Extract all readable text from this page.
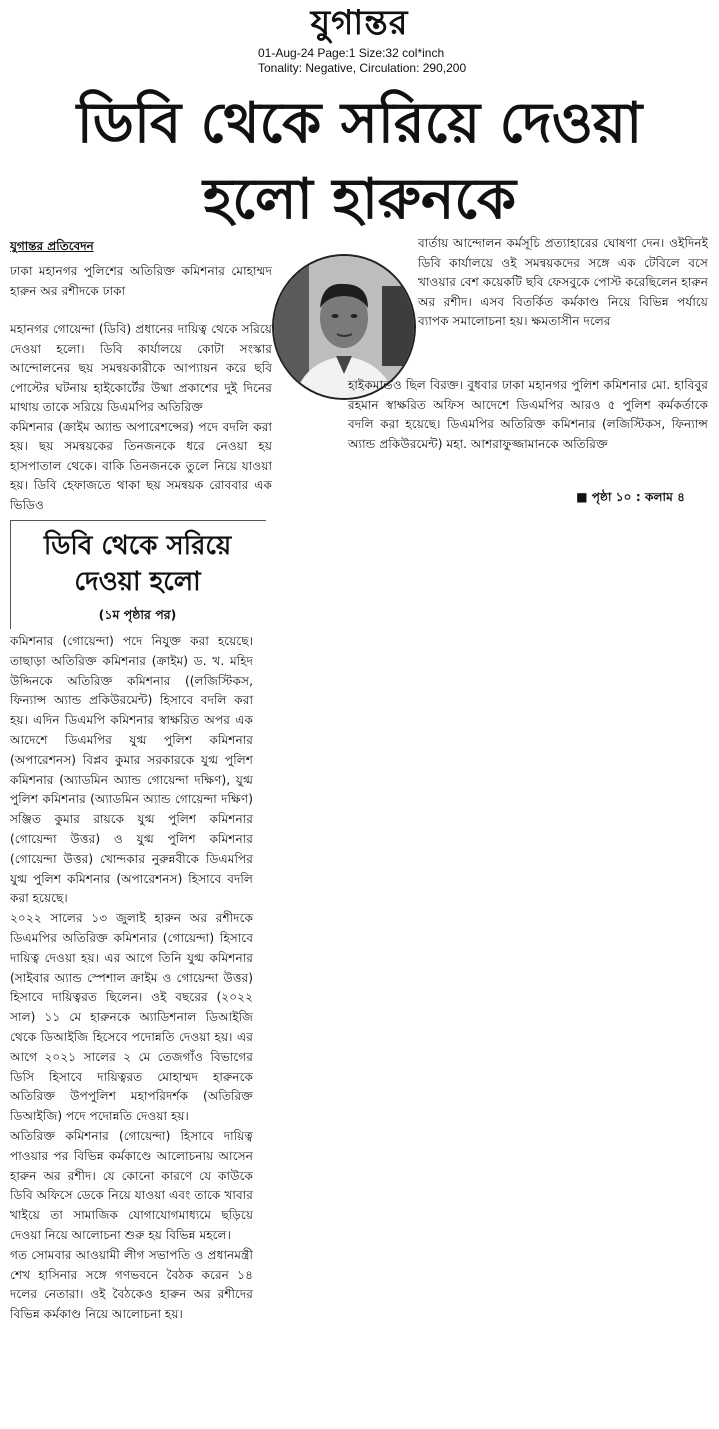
যুগান্তর
01-Aug-24 Page:1 Size:32 col*inch
Tonality: Negative, Circulation: 290,200
ডিবি থেকে সরিয়ে দেওয়া
হলো হারুনকে
যুগান্তর প্রতিবেদন

ঢাকা মহানগর পুলিশের অতিরিক্ত কমিশনার মোহাম্মদ হারুন অর রশীদকে ঢাকা

মহানগর গোয়েন্দা (ডিবি) প্রধানের দায়িত্ব থেকে সরিয়ে দেওয়া হলো। ডিবি কার্যালয়ে কোটা সংস্কার আন্দোলনের ছয় সমন্বয়কারীকে আপ্যায়ন করে ছবি পোস্টের ঘটনায় হাইকোর্টের উষ্মা প্রকাশের দুই দিনের মাথায় তাকে সরিয়ে ডিএমপির অতিরিক্ত

কমিশনার (ক্রাইম অ্যান্ড অপারেশন্সের) পদে বদলি করা হয়। ছয় সমন্বয়কের তিনজনকে ধরে নেওয়া হয় হাসপাতাল থেকে। বাকি তিনজনকে তুলে নিয়ে যাওয়া হয়। ডিবি হেফাজতে থাকা ছয় সমন্বয়ক রোববার এক ভিডিও

বার্তায় আন্দোলন কর্মসূচি প্রত্যাহারের ঘোষণা দেন। ওইদিনই ডিবি কার্যালয়ে ওই সমন্বয়কদের সঙ্গে এক টেবিলে বসে খাওয়ার বেশ কয়েকটি ছবি ফেসবুকে পোস্ট করেছিলেন হারুন অর রশীদ। এসব বিতর্কিত কর্মকাণ্ড নিয়ে বিভিন্ন পর্যায়ে ব্যাপক সমালোচনা হয়। ক্ষমতাসীন দলের

হাইকমান্ডও ছিল বিরক্ত। বুধবার ঢাকা মহানগর পুলিশ কমিশনার মো. হাবিবুর রহমান স্বাক্ষরিত অফিস আদেশে ডিএমপির আরও ৫ পুলিশ কর্মকর্তাকে বদলি করা হয়েছে। ডিএমপির অতিরিক্ত কমিশনার (লজিস্টিকস, ফিন্যান্স অ্যান্ড প্রকিউরমেন্ট) মহা. আশরাফুজ্জামানকে অতিরিক্ত

■ পৃষ্ঠা ১০ : কলাম ৪
ডিবি থেকে সরিয়ে
দেওয়া হলো
(১ম পৃষ্ঠার পর)

কমিশনার (গোয়েন্দা) পদে নিযুক্ত করা হয়েছে। তাছাড়া অতিরিক্ত কমিশনার (ক্রাইম) ড. খ. মহিদ উদ্দিনকে অতিরিক্ত কমিশনার ((লজিস্টিকস, ফিন্যান্স অ্যান্ড প্রকিউরমেন্ট) হিসাবে বদলি করা হয়। এদিন ডিএমপি কমিশনার স্বাক্ষরিত অপর এক আদেশে ডিএমপির যুগ্ম পুলিশ কমিশনার (অপারেশনস) বিপ্লব কুমার সরকারকে যুগ্ম পুলিশ কমিশনার (অ্যাডমিন অ্যান্ড গোয়েন্দা দক্ষিণ), যুগ্ম পুলিশ কমিশনার (অ্যাডমিন অ্যান্ড গোয়েন্দা দক্ষিণ) সঞ্জিত কুমার রায়কে যুগ্ম পুলিশ কমিশনার (গোয়েন্দা উত্তর) ও যুগ্ম পুলিশ কমিশনার (গোয়েন্দা উত্তর) খোন্দকার নুরুন্নবীকে ডিএমপির যুগ্ম পুলিশ কমিশনার (অপারেশনস) হিসাবে বদলি করা হয়েছে।

২০২২ সালের ১৩ জুলাই হারুন অর রশীদকে ডিএমপির অতিরিক্ত কমিশনার (গোয়েন্দা) হিসাবে দায়িত্ব দেওয়া হয়। এর আগে তিনি যুগ্ম কমিশনার (সাইবার অ্যান্ড স্পেশাল ক্রাইম ও গোয়েন্দা উত্তর) হিসাবে দায়িত্বরত ছিলেন। ওই বছরের (২০২২ সাল) ১১ মে হারুনকে অ্যাডিশনাল ডিআইজি থেকে ডিআইজি হিসেবে পদোন্নতি দেওয়া হয়। এর আগে ২০২১ সালের ২ মে তেজগাঁও বিভাগের ডিসি হিসাবে দায়িত্বরত মোহাম্মদ হারুনকে অতিরিক্ত উপপুলিশ মহাপরিদর্শক (অতিরিক্ত ডিআইজি) পদে পদোন্নতি দেওয়া হয়।

অতিরিক্ত কমিশনার (গোয়েন্দা) হিসাবে দায়িত্ব পাওয়ার পর বিভিন্ন কর্মকাণ্ডে আলোচনায় আসেন হারুন অর রশীদ। যে কোনো কারণে যে কাউকে ডিবি অফিসে ডেকে নিয়ে যাওয়া এবং তাকে খাবার খাইয়ে তা সামাজিক যোগাযোগমাধ্যমে ছড়িয়ে দেওয়া নিয়ে আলোচনা শুরু হয় বিভিন্ন মহলে।

গত সোমবার আওয়ামী লীগ সভাপতি ও প্রধানমন্ত্রী শেখ হাসিনার সঙ্গে গণভবনে বৈঠক করেন ১৪ দলের নেতারা। ওই বৈঠকেও হারুন অর রশীদের বিভিন্ন কর্মকাণ্ড নিয়ে আলোচনা হয়।
